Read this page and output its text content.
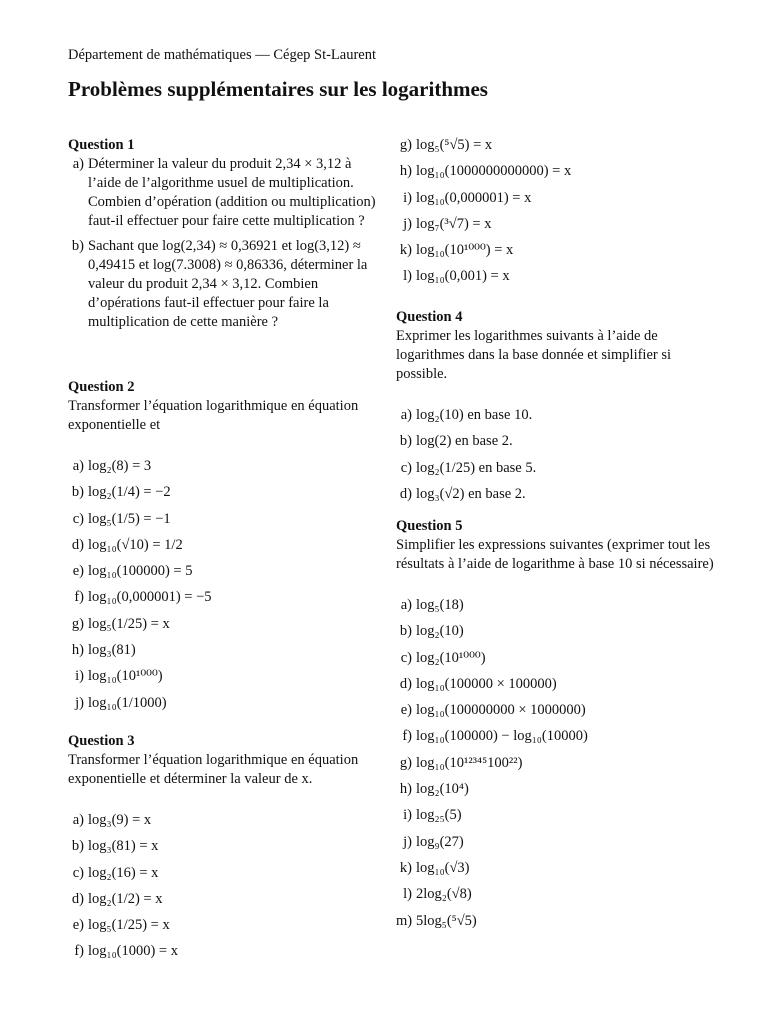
Département de mathématiques — Cégep St-Laurent
Problèmes supplémentaires sur les logarithmes
Question 1
a) Déterminer la valeur du produit 2,34 × 3,12 à l’aide de l’algorithme usuel de multiplication. Combien d’opération (addition ou multiplication) faut-il effectuer pour faire cette multiplication ?
b) Sachant que log(2,34) ≈ 0,36921 et log(3,12) ≈ 0,49415 et log(7.3008) ≈ 0,86336, déterminer la valeur du produit 2,34 × 3,12. Combien d’opérations faut-il effectuer pour faire la multiplication de cette manière ?
Question 2

Transformer l’équation logarithmique en équation exponentielle et

a) log₂(8) = 3
b) log₂(1/4) = −2
c) log₅(1/5) = −1
d) log₁₀(√10) = 1/2
e) log₁₀(100000) = 5
f) log₁₀(0,000001) = −5
g) log₅(1/25) = x
h) log₃(81)
i) log₁₀(10¹⁰⁰⁰)
j) log₁₀(1/1000)
Question 3

Transformer l’équation logarithmique en équation exponentielle et déterminer la valeur de x.

a) log₃(9) = x
b) log₃(81) = x
c) log₂(16) = x
d) log₂(1/2) = x
e) log₅(1/25) = x
f) log₁₀(1000) = x
g) log₅(⁵√5) = x
h) log₁₀(1000000000000) = x
i) log₁₀(0,000001) = x
j) log₇(³√7) = x
k) log₁₀(10¹⁰⁰⁰) = x
l) log₁₀(0,001) = x
Question 4

Exprimer les logarithmes suivants à l’aide de logarithmes dans la base donnée et simplifier si possible.

a) log₂(10) en base 10.
b) log(2) en base 2.
c) log₂(1/25) en base 5.
d) log₃(√2) en base 2.
Question 5

Simplifier les expressions suivantes (exprimer tout les résultats à l’aide de logarithme à base 10 si nécessaire)

a) log₅(18)
b) log₂(10)
c) log₂(10¹⁰⁰⁰)
d) log₁₀(100000 × 100000)
e) log₁₀(100000000 × 1000000)
f) log₁₀(100000) − log₁₀(10000)
g) log₁₀(10¹²³⁴⁵100²²)
h) log₂(10⁴)
i) log₂₅(5)
j) log₉(27)
k) log₁₀(√3)
l) 2log₂(√8)
m) 5log₅(⁵√5)
